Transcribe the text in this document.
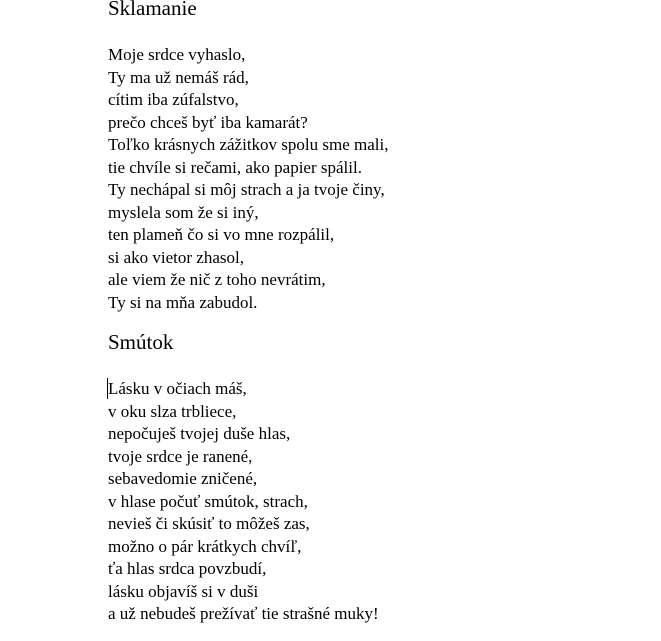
Sklamanie
Moje srdce vyhaslo,
Ty ma už nemáš rád,
cítim iba zúfalstvo,
prečo chceš byť iba kamarát?
Toľko krásnych zážitkov spolu sme mali,
tie chvíle si rečami, ako papier spálil.
Ty nechápal si môj strach a ja tvoje činy,
myslela som že si iný,
ten plameň čo si vo mne rozpálil,
si ako vietor zhasol,
ale viem že nič z toho nevrátim,
Ty si na mňa zabudol.
Smútok
Lásku v očiach máš,
v oku slza trbliece,
nepočuješ tvojej duše hlas,
tvoje srdce je ranené,
sebavedomie zničené,
v hlase počuť smútok, strach,
nevieš či skúsiť to môžeš zas,
možno o pár krátkych chvíľ,
ťa hlas srdca povzbudí,
lásku objavíš si v duši
a už nebudeš prežívať tie strašné muky!
